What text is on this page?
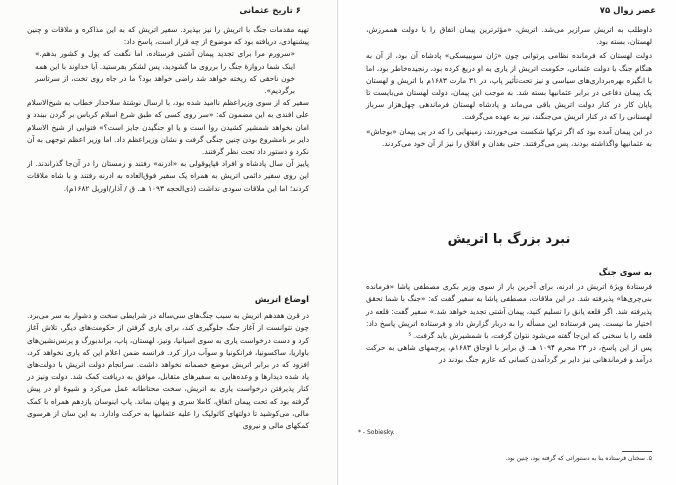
۶ تاریخ عثمانی

تهیه مقدمات جنگ با اتریش را نیز بپذیرد. سفیر اتریش که به این مذاکره و ملاقات و چنین پیشنهادی، دریافته بود که موضوع از چه قرار است، پاسخ داد:

«سرورم مرا برای تجدید پیمان آشتی فرستاده، اما نگفت که پول و کشور بدهم.» اینک شما دروازهٔ جنگ را برروی ما گشودید، پس لشکر بفرستید. آیا خداوند با این همه خون ناحقی که ریخته خواهد شد راضی خواهد بود؟ ما در جاه روی تخت، از سرتاسر برگردیم».

سفیر که از سوی وزیراعظم ناامید شده بود، با ارسال نوشتهٔ سلاحدار خطاب به شیخ‌الاسلام علی افندی به این مضمون که: «سر روی کسی که طبق شرع اسلام کرباس بر گردن ببندد و امان بخواهد شمشیر کشیدن روا است و یا او جنگیدن جایز است؟» فتوایی از شیخ الاسلام دایر بر نامشروع بودن چنین جنگی گرفت و نشان وزیراعظم داد. اما وزیر اعظم توجهی به آن نکرد و دستور داد تحت نظر گرفتند.

پاییز آن سال پادشاه و افراد قپاپوقولی به «ادرنه» رفتند و زمستان را در آن‌جا گذراندند. از این روی سفیر دائمی اتریش به همراه یک سفیر فوق‌العاده به ادرنه رفتند و با شاه ملاقات کردند؛ اما این ملاقات سودی نداشت (ذی‌الحجه ۱۰۹۳ هـ. ق / آذار/اوریل ۱۶۸۲م).

اوضاع اتریش

در قرن هفدهم اتریش به سبب جنگ‌های سی‌ساله در شرایطی سخت و دشوار به سر می‌برد. چون نتوانست از آغاز جنگ جلوگیری کند، برای یاری گرفتن از حکومت‌های دیگر، تلاش آغاز کرد و دست درخواست یاری به سوی اسپانیا، ونیز، لهستان، پاپ، براندبورگ و پرنس‌نشین‌های باواریا، ساکسونیا، فرانکونیا و سوآب دراز کرد. فرانسه ضمن اعلام این که یاری نخواهد کرد، افزود که در برابر اتریش موضع خصمانه نخواهد داشت. سرانجام دولت اتریش با دولت‌های یاد شده دیدارها و وعده‌هایی به سفیرهای متقابل، موافق به دریافت کمک شد. دولت ونیز در کنار پذیرفتن درخواست یاری به اتریش، سخت محتاطانه عمل می‌کرد و شیوهٔ او در پیش گرفته بود که تحت پیمان اتفاق، کاملا سری و پنهان بماند. پاپ اینوسان یازدهم همراه با کمک مالی، می‌کوشید تا دولتهای کاتولیک را علیه عثمانیها به حرکت وادارد. به این سان از هرسوی کمکهای مالی و نیروی

عصر زوال ۷۵

داوطلب به اتریش سرازیر می‌شد. اتریش، «مؤثرترین پیمان اتفاق را با دولت هممرزش، لهستان، بسته بود.

دولت لهستان که فرمانده نظامی پرتوانی چون «ژان سوبییسکی» پادشاه آن بود، از آن به هنگام جنگ با دولت عثمانی، حکومت اتریش از یاری به او دریغ کرده بود، رنجیده‌خاطر بود، اما با انگیزه بهره‌برداری‌های سیاسی و نیز تحت‌تأثیر پاپ، در ۳۱ مارت ۱۶۸۳م با اتریش و لهستان یک پیمان دفاعی در برابر عثمانیها بسته شد. به موجب این پیمان، دولت لهستان می‌بایست تا پایان کار در کنار دولت اتریش باقی می‌ماند و پادشاه لهستان فرماندهی چهل‌هزار سرباز لهستانی را که در کنار اتریش می‌جنگند، نیز به عهده می‌گرفت.

در این پیمان آمده بود که اگر ترکها شکست می‌خوردند، زمینهایی را که در پی پیمان «بوجاش» به عثمانیها واگذاشته بودند، پس می‌گرفتند. حتی بغدان و افلاق را نیز از آن خود می‌کردند.

نبرد بزرگ با اتریش

به سوی جنگ

فرستادهٔ ویژهٔ اتریش در ادرنه، برای آخرین بار از سوی وزیر بکری مصطفی پاشا «فرمانده بنی‌چری‌ها» پذیرفته شد. در این ملاقات، مصطفی پاشا به سفیر گفت که: «جنگ با شما تحقق پذیرفته شد. اگر قلعه یانق را تسلیم کنید، پیمان آشتی تجدید خواهد شد.» سفیر گفت: قلعه در اختیار ما نیست. پس فرستاده این مسأله را به دربار گزارش داد و فرستاده اتریش پاسخ داد: قلعه را با سخنی که این‌جا گفته می‌شود نتوان گرفت، با شمشیرش باید گرفت. ⁵

پس از این پاسخ، در ۲۳ محرم ۱۰۹۴ هـ. ق برابر با اوجاق ۱۶۸۳م، پرچمهای شاهی به حرکت درآمد و فرماندهانی نیز دایر بر گردآمدن کسانی که عازم جنگ بودند در

۵. سخنان فرستاده بنا به دستوراتی که گرفته بود، چنین بود.
* - Sobiesky.
